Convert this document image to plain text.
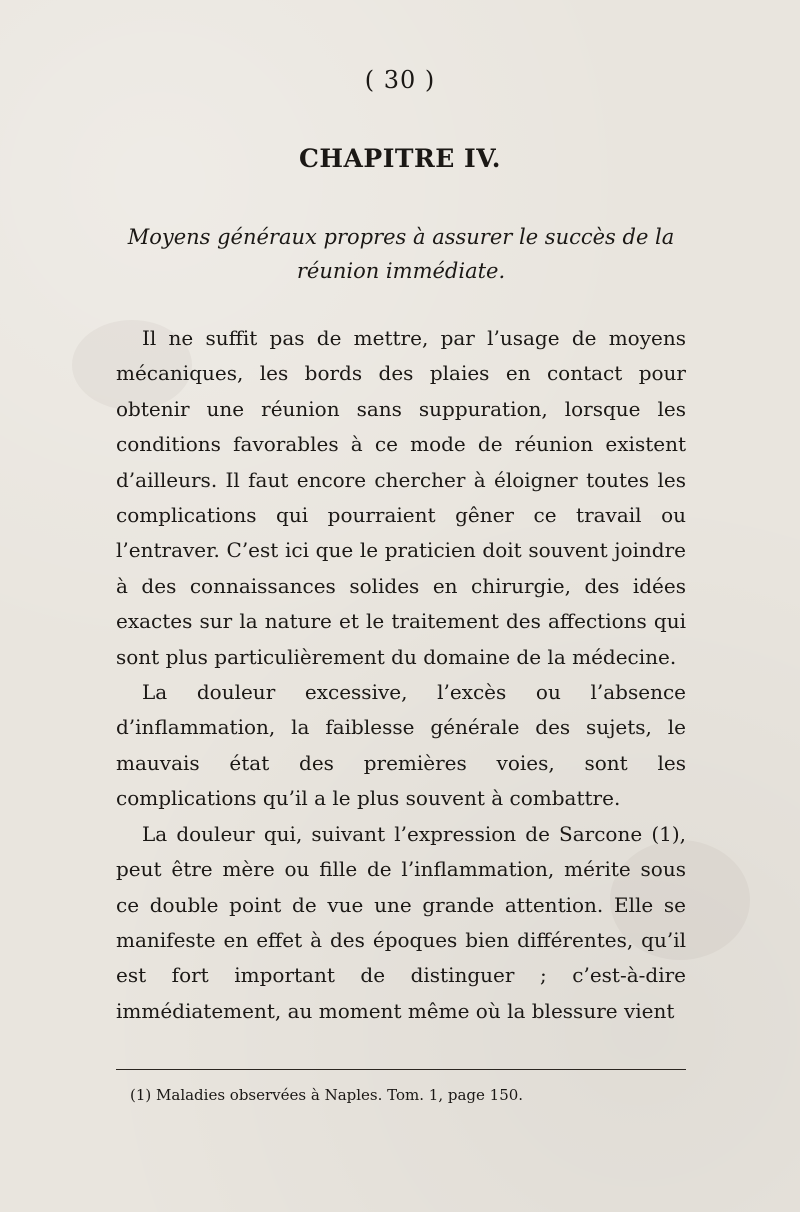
( 30 )
CHAPITRE IV.
Moyens généraux propres à assurer le succès de la réunion immédiate.

Il ne suffit pas de mettre, par l’usage de moyens mécaniques, les bords des plaies en contact pour obtenir une réunion sans suppuration, lorsque les conditions favorables à ce mode de réunion existent d’ailleurs. Il faut encore chercher à éloigner toutes les complications qui pourraient gêner ce travail ou l’entraver. C’est ici que le praticien doit souvent joindre à des connaissances solides en chirurgie, des idées exactes sur la nature et le traitement des affections qui sont plus particulièrement du domaine de la médecine.

La douleur excessive, l’excès ou l’absence d’inflammation, la faiblesse générale des sujets, le mauvais état des premières voies, sont les complications qu’il a le plus souvent à combattre.

La douleur qui, suivant l’expression de Sarcone (1), peut être mère ou fille de l’inflammation, mérite sous ce double point de vue une grande attention. Elle se manifeste en effet à des époques bien différentes, qu’il est fort important de distinguer ; c’est-à-dire immédiatement, au moment même où la blessure vient

(1) Maladies observées à Naples. Tom. 1, page 150.
